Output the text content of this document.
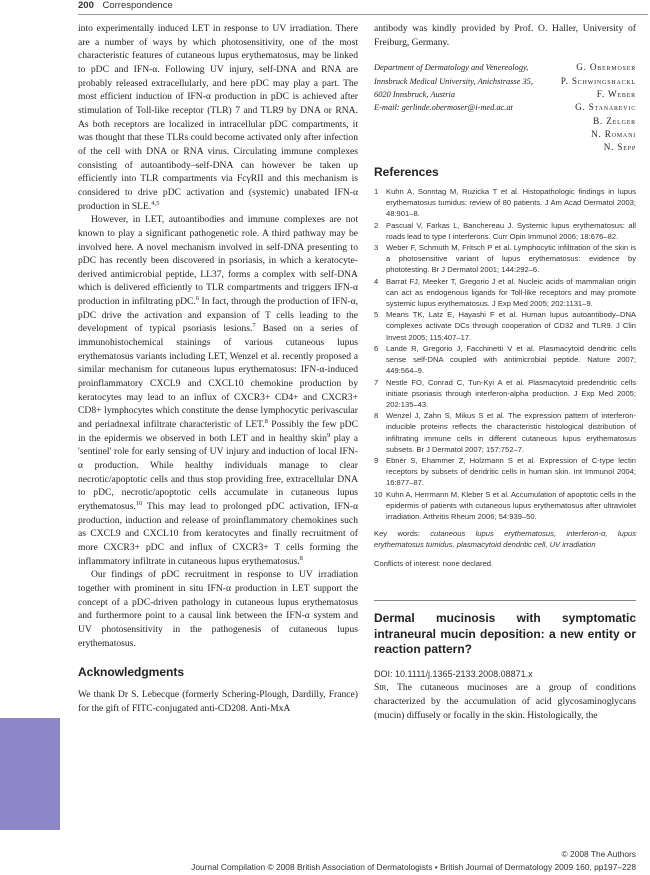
200 Correspondence

into experimentally induced LET in response to UV irradiation. There are a number of ways by which photosensitivity, one of the most characteristic features of cutaneous lupus erythematosus, may be linked to pDC and IFN-α. Following UV injury, self-DNA and RNA are probably released extracellularly, and here pDC may play a part. The most efficient induction of IFN-α production in pDC is achieved after stimulation of Toll-like receptor (TLR) 7 and TLR9 by DNA or RNA. As both receptors are localized in intracellular pDC compartments, it was thought that these TLRs could become activated only after infection of the cell with DNA or RNA virus. Circulating immune complexes consisting of autoantibody–self-DNA can however be taken up efficiently into TLR compartments via FcγRII and this mechanism is considered to drive pDC activation and (systemic) unabated IFN-α production in SLE.$^{4,5}$

However, in LET, autoantibodies and immune complexes are not known to play a significant pathogenetic role. A third pathway may be involved here. A novel mechanism involved in self-DNA presenting to pDC has recently been discovered in psoriasis, in which a keratocyte-derived antimicrobial peptide, LL37, forms a complex with self-DNA which is delivered efficiently to TLR compartments and triggers IFN-α production in infiltrating pDC.$^6$ In fact, through the production of IFN-α, pDC drive the activation and expansion of T cells leading to the development of typical psoriasis lesions.$^7$ Based on a series of immunohistochemical stainings of various cutaneous lupus erythematosus variants including LET, Wenzel et al. recently proposed a similar mechanism for cutaneous lupus erythematosus: IFN-α-induced proinflammatory CXCL9 and CXCL10 chemokine production by keratocytes may lead to an influx of CXCR3+ CD4+ and CXCR3+ CD8+ lymphocytes which constitute the dense lymphocytic perivascular and periadnexal infiltrate characteristic of LET.$^8$ Possibly the few pDC in the epidermis we observed in both LET and in healthy skin$^9$ play a 'sentinel' role for early sensing of UV injury and induction of local IFN-α production. While healthy individuals manage to clear necrotic/apoptotic cells and thus stop providing free, extracellular DNA to pDC, necrotic/apoptotic cells accumulate in cutaneous lupus erythematosus.$^{10}$ This may lead to prolonged pDC activation, IFN-α production, induction and release of proinflammatory chemokines such as CXCL9 and CXCL10 from keratocytes and finally recruitment of more CXCR3+ pDC and influx of CXCR3+ T cells forming the inflammatory infiltrate in cutaneous lupus erythematosus.$^8$

Our findings of pDC recruitment in response to UV irradiation together with prominent in situ IFN-α production in LET support the concept of a pDC-driven pathology in cutaneous lupus erythematosus and furthermore point to a causal link between the IFN-α system and UV photosensitivity in the pathogenesis of cutaneous lupus erythematosus.

Acknowledgments

We thank Dr S. Lebecque (formerly Schering-Plough, Dardilly, France) for the gift of FITC-conjugated anti-CD208. Anti-MxA

antibody was kindly provided by Prof. O. Haller, University of Freiburg, Germany.

Department of Dermatology and Venereology,
Innsbruck Medical University, Anichstrasse 35,
6020 Innsbruck, Austria
E-mail: gerlinde.obermoser@i-med.ac.at
G. Obermoser
P. Schwingshackl
F. Weber
G. Stanarevic
B. Zelger
N. Romani
N. Sepp
References
1	Kuhn A, Sonntag M, Ruzicka T et al. Histopathologic findings in lupus erythematosus tumidus: review of 80 patients. J Am Acad Dermatol 2003; 48:901–8.
2	Pascual V, Farkas L, Banchereau J. Systemic lupus erythematosus: all roads lead to type I interferons. Curr Opin Immunol 2006; 18:676–82.
3	Weber F, Schmuth M, Fritsch P et al. Lymphocytic infiltration of the skin is a photosensitive variant of lupus erythematosus: evidence by phototesting. Br J Dermatol 2001; 144:292–6.
4	Barrat FJ, Meeker T, Gregorio J et al. Nucleic acids of mammalian origin can act as endogenous ligands for Toll-like receptors and may promote systemic lupus erythematosus. J Exp Med 2005; 202:1131–9.
5	Means TK, Latz E, Hayashi F et al. Human lupus autoantibody–DNA complexes activate DCs through cooperation of CD32 and TLR9. J Clin Invest 2005; 115:407–17.
6	Lande R, Gregorio J, Facchinetti V et al. Plasmacytoid dendritic cells sense self-DNA coupled with antimicrobial peptide. Nature 2007; 449:564–9.
7	Nestle FO, Conrad C, Tun-Kyi A et al. Plasmacytoid predendritic cells initiate psoriasis through interferon-alpha production. J Exp Med 2005; 202:135–43.
8	Wenzel J, Zahn S, Mikus S et al. The expression pattern of interferon-inducible proteins reflects the characteristic histological distribution of infiltrating immune cells in different cutaneous lupus erythematosus subsets. Br J Dermatol 2007; 157:752–7.
9	Ebner S, Ehammer Z, Holzmann S et al. Expression of C-type lectin receptors by subsets of dendritic cells in human skin. Int Immunol 2004; 16:877–87.
10 Kuhn A, Herrmann M, Kleber S et al. Accumulation of apoptotic cells in the epidermis of patients with cutaneous lupus erythematosus after ultraviolet irradiation. Arthritis Rheum 2006; 54:939–50.
Key words: cutaneous lupus erythematosus, interferon-α, lupus erythematosus tumidus, plasmacytoid dendritic cell, UV irradiation
Conflicts of interest: none declared.
Dermal mucinosis with symptomatic intraneural mucin deposition: a new entity or reaction pattern?
DOI: 10.1111/j.1365-2133.2008.08871.x

Sir, The cutaneous mucinoses are a group of conditions characterized by the accumulation of acid glycosaminoglycans (mucin) diffusely or focally in the skin. Histologically, the

© 2008 The Authors
Journal Compilation © 2008 British Association of Dermatologists • British Journal of Dermatology 2009 160, pp197–228
